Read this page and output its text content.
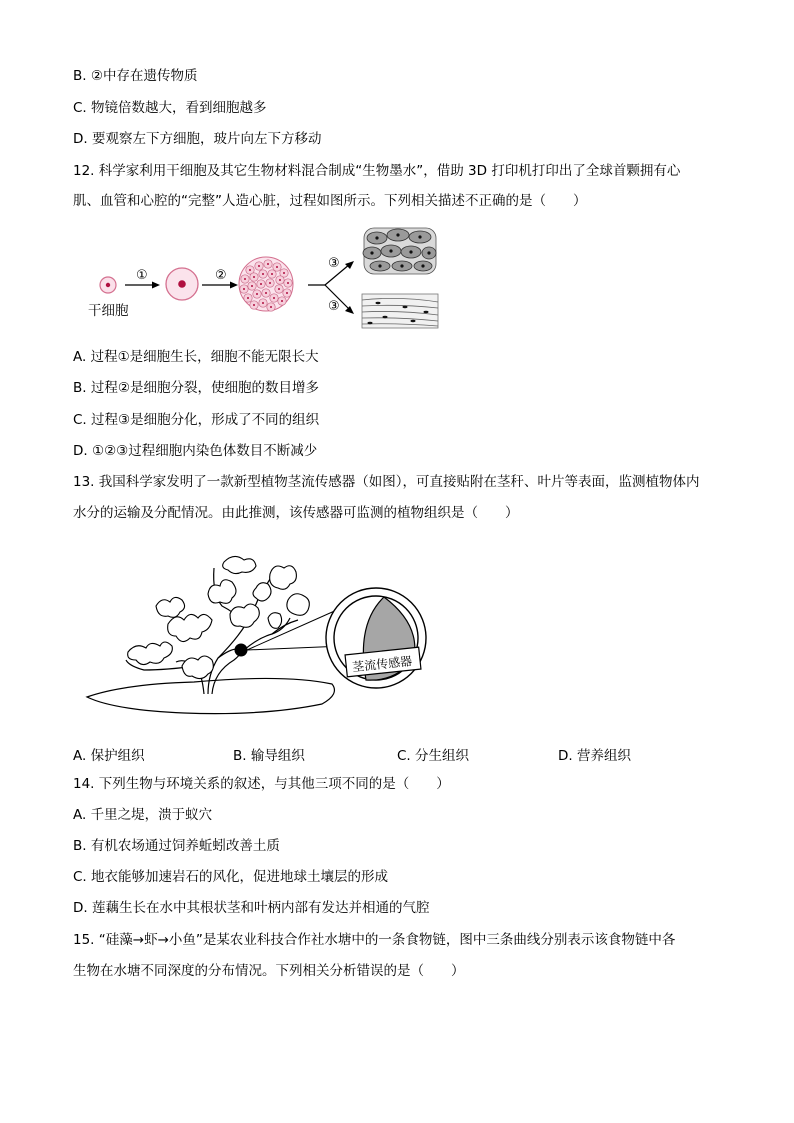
B. ②中存在遗传物质
C. 物镜倍数越大，看到细胞越多
D. 要观察左下方细胞，玻片向左下方移动
12. 科学家利用干细胞及其它生物材料混合制成“生物墨水”，借助 3D 打印机打印出了全球首颗拥有心
肌、血管和心腔的“完整”人造心脏，过程如图所示。下列相关描述不正确的是（　　）
干细胞
①	②
③
③
A. 过程①是细胞生长，细胞不能无限长大
B. 过程②是细胞分裂，使细胞的数目增多
C. 过程③是细胞分化，形成了不同的组织
D. ①②③过程细胞内染色体数目不断减少
13. 我国科学家发明了一款新型植物茎流传感器（如图），可直接贴附在茎秆、叶片等表面，监测植物体内
水分的运输及分配情况。由此推测，该传感器可监测的植物组织是（　　）
茎流传感器
A. 保护组织	B. 输导组织	C. 分生组织	D. 营养组织
14. 下列生物与环境关系的叙述，与其他三项不同的是（　　）
A. 千里之堤，溃于蚁穴
B. 有机农场通过饲养蚯蚓改善土质
C. 地衣能够加速岩石的风化，促进地球土壤层的形成
D. 莲藕生长在水中其根状茎和叶柄内部有发达并相通的气腔
15. “硅藻→虾→小鱼”是某农业科技合作社水塘中的一条食物链，图中三条曲线分别表示该食物链中各
生物在水塘不同深度的分布情况。下列相关分析错误的是（　　）
